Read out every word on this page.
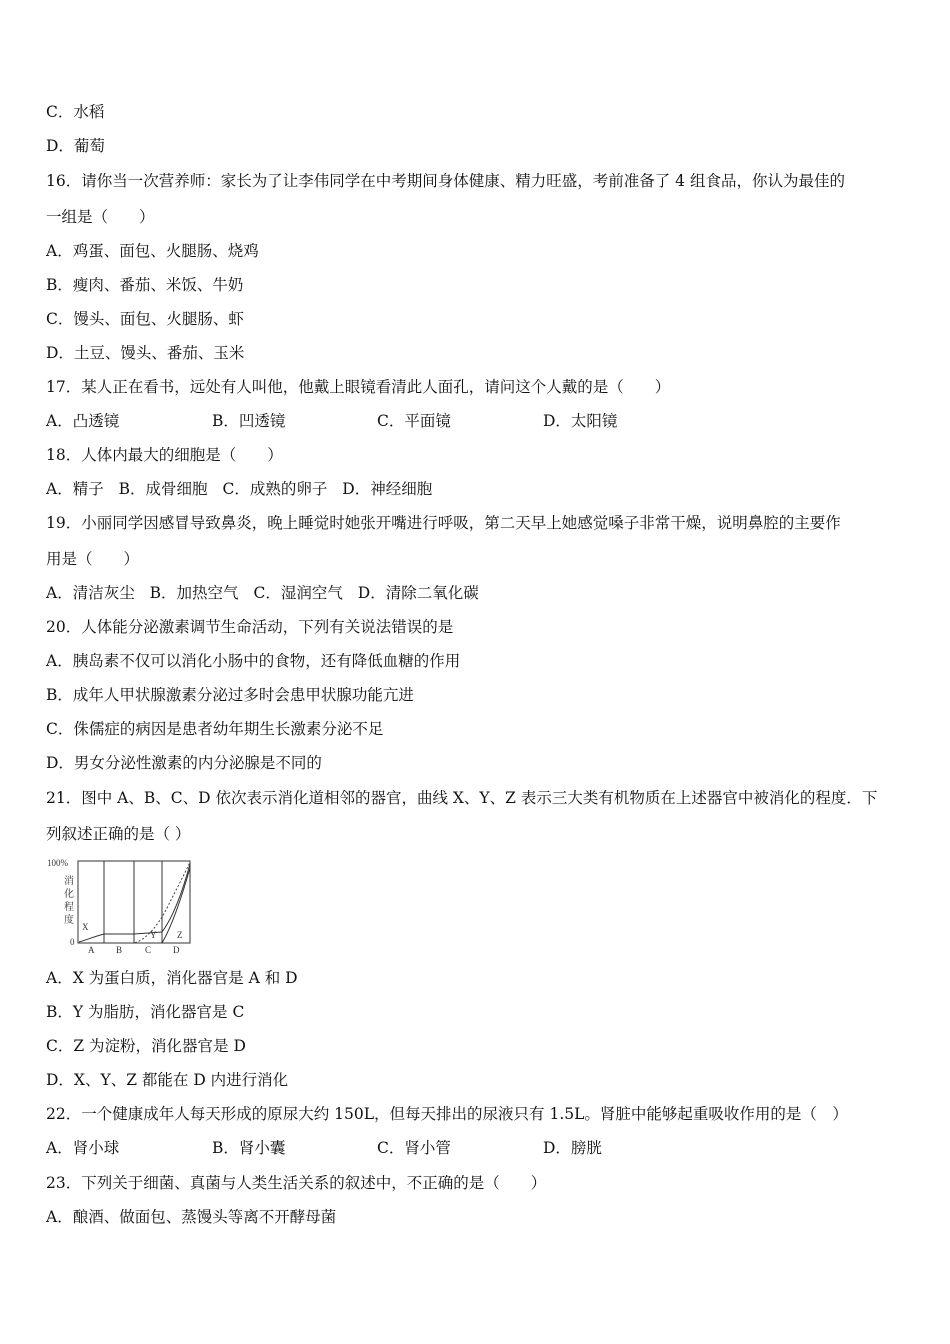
C．水稻
D．葡萄
16．请你当一次营养师：家长为了让李伟同学在中考期间身体健康、精力旺盛，考前准备了 4 组食品，你认为最佳的
一组是（　　）
A．鸡蛋、面包、火腿肠、烧鸡
B．瘦肉、番茄、米饭、牛奶
C．馒头、面包、火腿肠、虾
D．土豆、馒头、番茄、玉米
17．某人正在看书，远处有人叫他，他戴上眼镜看清此人面孔，请问这个人戴的是（　　）
A．凸透镜	B．凹透镜	C．平面镜	D．太阳镜
18．人体内最大的细胞是（　　）
A．精子 B．成骨细胞 C．成熟的卵子 D．神经细胞
19．小丽同学因感冒导致鼻炎，晚上睡觉时她张开嘴进行呼吸，第二天早上她感觉嗓子非常干燥，说明鼻腔的主要作
用是（　　）
A．清洁灰尘 B．加热空气 C．湿润空气 D．清除二氧化碳
20．人体能分泌激素调节生命活动，下列有关说法错误的是
A．胰岛素不仅可以消化小肠中的食物，还有降低血糖的作用
B．成年人甲状腺激素分泌过多时会患甲状腺功能亢进
C．侏儒症的病因是患者幼年期生长激素分泌不足
D．男女分泌性激素的内分泌腺是不同的
21．图中 A、B、C、D 依次表示消化道相邻的器官，曲线 X、Y、Z 表示三大类有机物质在上述器官中被消化的程度．下
列叙述正确的是（ ）
100%
0
消
化
程
度
A B	C D
X
Y Z
A．X 为蛋白质，消化器官是 A 和 D
B．Y 为脂肪，消化器官是 C
C．Z 为淀粉，消化器官是 D
D．X、Y、Z 都能在 D 内进行消化
22．一个健康成年人每天形成的原尿大约 150L，但每天排出的尿液只有 1.5L。肾脏中能够起重吸收作用的是（　）
A．肾小球	B．肾小囊	C．肾小管	D．膀胱
23．下列关于细菌、真菌与人类生活关系的叙述中，不正确的是（　　）
A．酿酒、做面包、蒸馒头等离不开酵母菌
